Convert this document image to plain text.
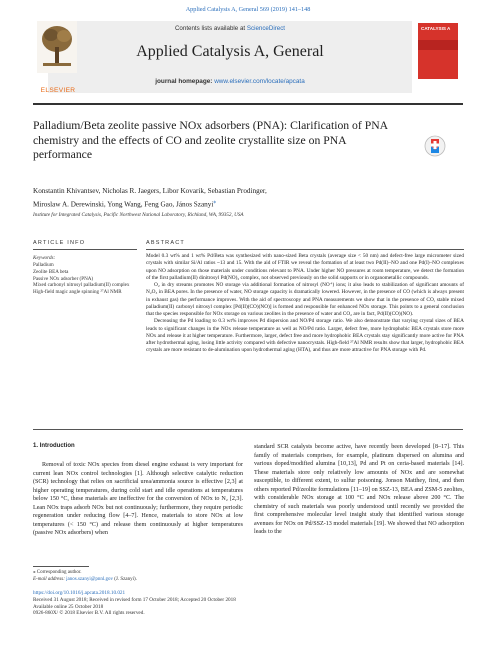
Applied Catalysis A, General 569 (2019) 141–148
ELSEVIER
Contents lists available at ScienceDirect
Applied Catalysis A, General
journal homepage: www.elsevier.com/locate/apcata
CATALYSIS A
Palladium/Beta zeolite passive NOx adsorbers (PNA): Clarification of PNA chemistry and the effects of CO and zeolite crystallite size on PNA performance
Konstantin Khivantsev, Nicholas R. Jaegers, Libor Kovarik, Sebastian Prodinger,
Miroslaw A. Derewinski, Yong Wang, Feng Gao, János Szanyi⁎
Institute for Integrated Catalysis, Pacific Northwest National Laboratory, Richland, WA, 99352, USA
ARTICLE INFO	ABSTRACT
Keywords:
Palladium
Zeolite BEA beta
Passive NOx adsorber (PNA)
Mixed carbonyl nitrosyl palladium(II) complex
High-field magic angle spinning ²⁷Al NMR

Model 0.3 wt% and 1 wt% Pd/Beta was synthesized with nano-sized Beta crystals (average size < 50 nm) and defect-free large micrometer sized crystals with similar Si/Al ratios ~13 and 15. With the aid of FTIR we reveal the formation of at least two Pd(II)–NO and one Pd(I)–NO complexes upon NO adsorption on those materials under conditions relevant to PNA. Under higher NO pressures at room temperature, we detect the formation of the first palladium(II) dinitrosyl Pd(NO)₂ complex, not observed previously on the solid supports or in organometallic compounds.

O₂ in dry streams promotes NO storage via additional formation of nitrosyl (NO⁺) ions; it also leads to stabilization of significant amounts of N₂O₃ in BEA pores. In the presence of water, NO storage capacity is dramatically lowered. However, in the presence of CO (which is always present in exhaust gas) the performance improves. With the aid of spectroscopy and PNA measurements we show that in the presence of CO, stable mixed palladium(II) carbonyl nitrosyl complex [Pd(II)(CO)(NO)] is formed and responsible for enhanced NOx storage. This points to a general conclusion that the species responsible for NOx storage on various zeolites in the presence of water and CO₂ are in fact, Pd(II)(CO)(NO).

Decreasing the Pd loading to 0.3 wt% improves Pd dispersion and NO/Pd storage ratio. We also demonstrate that varying crystal sizes of BEA leads to significant changes in the NOx release temperature as well as NO/Pd ratio. Larger, defect free, more hydrophobic BEA crystals store more NOx and release it at higher temperature. Furthermore, larger, defect free and more hydrophobic BEA crystals stay significantly more active for PNA after hydrothermal aging, losing little activity compared with defective nanocrystals. High-field ²⁷Al NMR results show that larger, hydrophobic BEA crystals are more resistant to de-alumination upon hydrothermal aging (HTA), and thus are more attractive for PNA storage with Pd.

1. Introduction

Removal of toxic NOx species from diesel engine exhaust is very important for current lean NOx control technologies [1]. Although selective catalytic reduction (SCR) technology that relies on sacrificial urea/ammonia source is effective [2,3] at higher operating temperatures, during cold start and idle operations at temperatures below 150 °C, these materials are ineffective for the conversion of NOx to N₂ [2,3]. Lean NOx traps adsorb NOx but not continuously; furthermore, they require periodic regeneration under reducing flow [4–7]. Hence, materials to store NOx at low temperatures (< 150 °C) and release them continuously at higher temperatures (passive NOx adsorbers) when

standard SCR catalysts become active, have recently been developed [8–17]. This family of materials comprises, for example, platinum dispersed on alumina and various doped/modified alumina [10,13], Pd and Pt on ceria-based materials [14]. These materials store only relatively low amounts of NOx and are somewhat susceptible, to different extent, to sulfur poisoning. Jonson Matthey, first, and then others reported Pd/zeolite formulations [11–19] on SSZ-13, BEA and ZSM-5 zeolites, with considerable NOx storage at 100 °C and NOx release above 200 °C. The chemistry of such materials was poorly understood until recently we provided the first comprehensive molecular level insight study that identified various storage avenues for NOx on Pd/SSZ-13 model materials [19]. We showed that NO adsorption leads to the

⁎ Corresponding author.
E-mail address: janos.szanyi@pnnl.gov (J. Szanyi).
https://doi.org/10.1016/j.apcata.2018.10.021
Received 31 August 2018; Received in revised form 17 October 2018; Accepted 20 October 2018
Available online 25 October 2018
0926-860X/ © 2018 Elsevier B.V. All rights reserved.
